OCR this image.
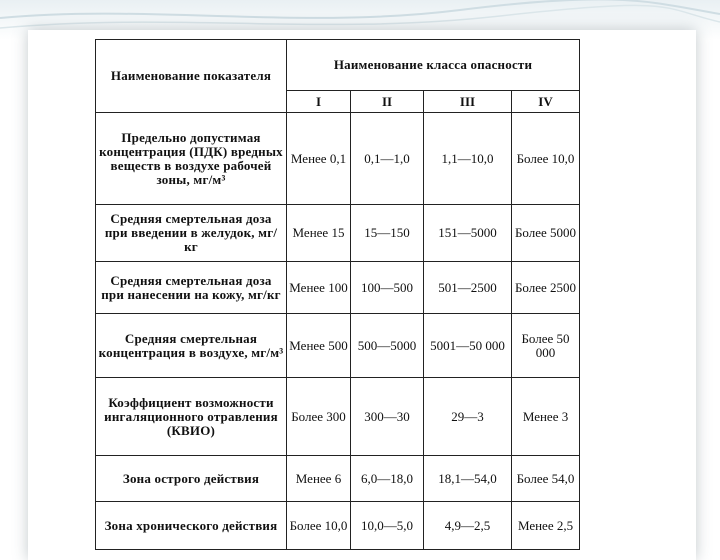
Наименование показателя	Наименование класса опасности			
	I	II	III	IV
Предельно допустимая концентрация (ПДК) вредных веществ в воздухе рабочей зоны, мг/м³	Менее 0,1	0,1—1,0	1,1—10,0	Более 10,0
Средняя смертельная доза при введении в желудок, мг/кг	Менее 15	15—150	151—5000	Более 5000
Средняя смертельная доза при нанесении на кожу, мг/кг	Менее 100	100—500	501—2500	Более 2500
Средняя смертельная концентрация в воздухе, мг/м³	Менее 500	500—5000	5001—50 000	Более 50 000
Коэффициент возможности ингаляционного отравления (КВИО)	Более 300	300—30	29—3	Менее 3
Зона острого действия	Менее 6	6,0—18,0	18,1—54,0	Более 54,0
Зона хронического действия	Более 10,0	10,0—5,0	4,9—2,5	Менее 2,5
